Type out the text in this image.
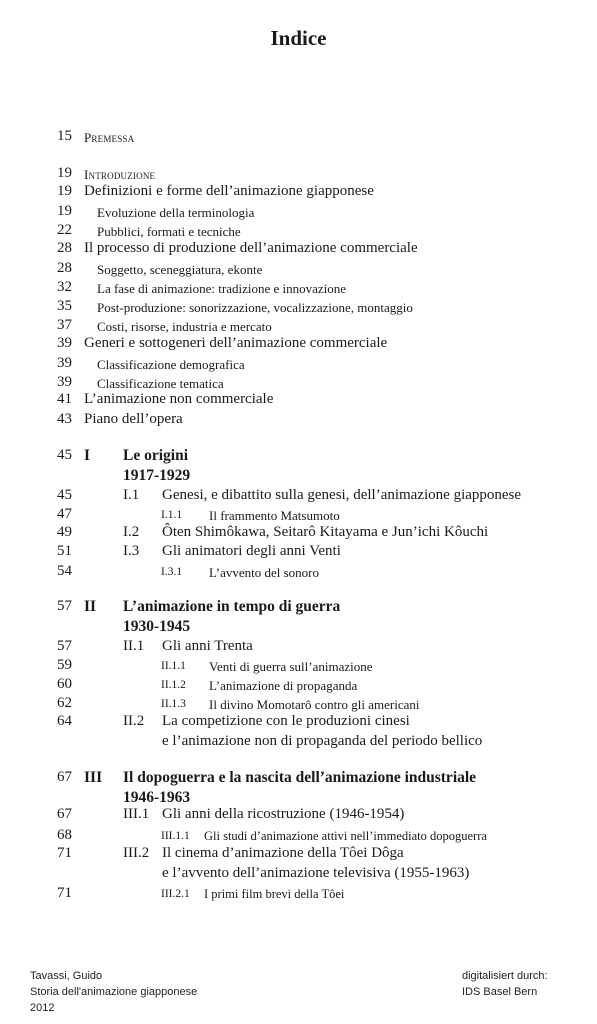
Indice
15 Premessa
19 Introduzione
19 Definizioni e forme dell’animazione giapponese
19 Evoluzione della terminologia
22 Pubblici, formati e tecniche
28 Il processo di produzione dell’animazione commerciale
28 Soggetto, sceneggiatura, ekonte
32 La fase di animazione: tradizione e innovazione
35 Post-produzione: sonorizzazione, vocalizzazione, montaggio
37 Costi, risorse, industria e mercato
39 Generi e sottogeneri dell’animazione commerciale
39 Classificazione demografica
39 Classificazione tematica
41 L’animazione non commerciale
43 Piano dell’opera
45 I Le origini
1917-1929
45	I.1 Genesi, e dibattito sulla genesi, dell’animazione giapponese
47	I.1.1 Il frammento Matsumoto
49	I.2 Ôten Shimôkawa, Seitarô Kitayama e Jun’ichi Kôuchi
51	I.3 Gli animatori degli anni Venti
54	I.3.1 L’avvento del sonoro
57 II L’animazione in tempo di guerra
1930-1945
57	II.1 Gli anni Trenta
59	II.1.1 Venti di guerra sull’animazione
60	II.1.2 L’animazione di propaganda
62	II.1.3 Il divino Momotarô contro gli americani
64	II.2 La competizione con le produzioni cinesi
e l’animazione non di propaganda del periodo bellico
67 III Il dopoguerra e la nascita dell’animazione industriale
1946-1963
67	III.1 Gli anni della ricostruzione (1946-1954)
68	III.1.1 Gli studi d’animazione attivi nell’immediato dopoguerra
71	III.2 Il cinema d’animazione della Tôei Dôga
e l’avvento dell’animazione televisiva (1955-1963)
71	III.2.1 I primi film brevi della Tôei
Tavassi, Guido
Storia dell'animazione giapponese
2012
digitalisiert durch:
IDS Basel Bern
